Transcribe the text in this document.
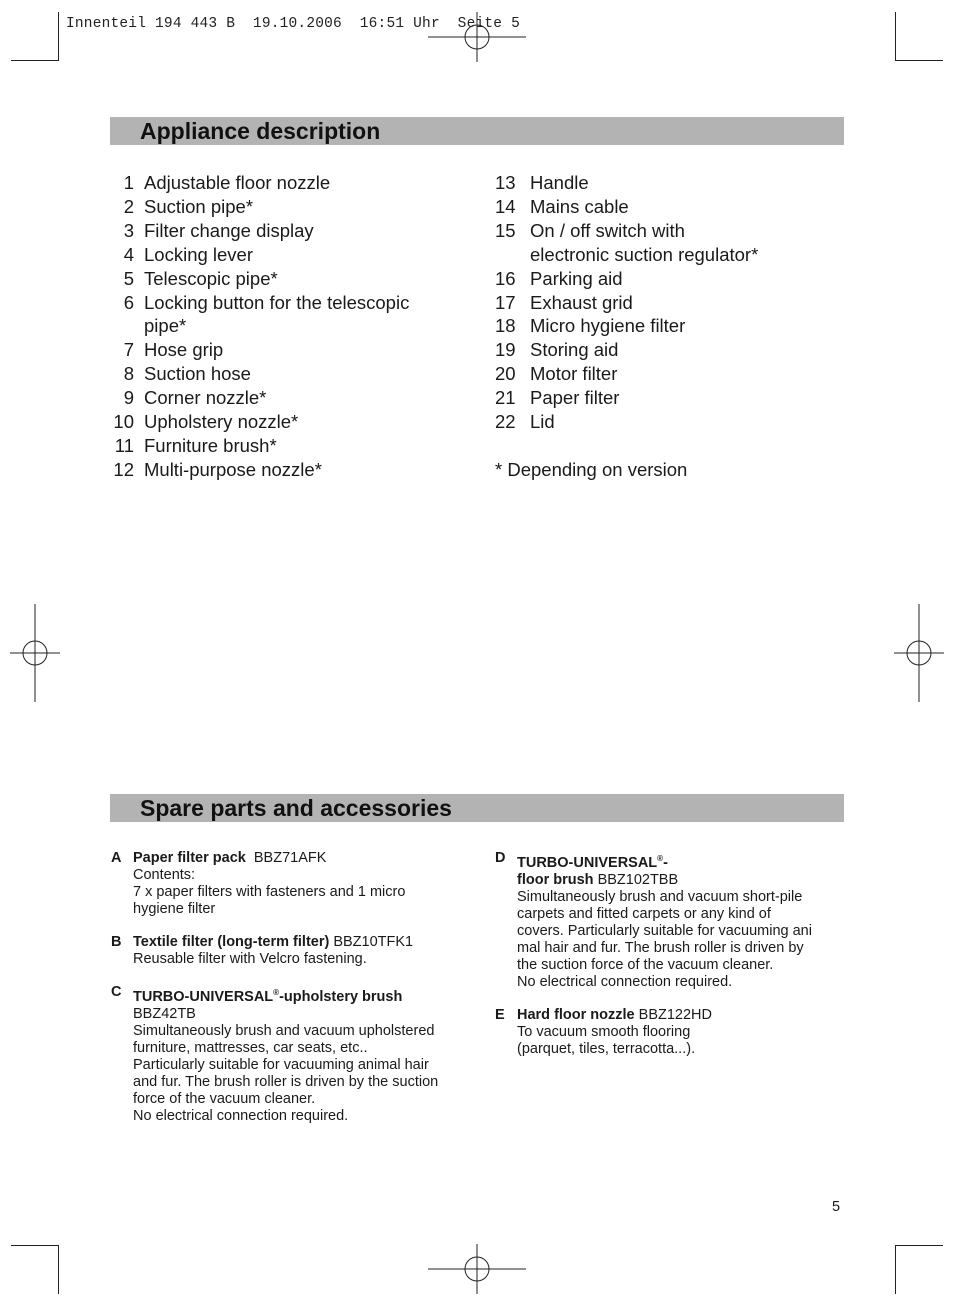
Innenteil 194 443 B  19.10.2006  16:51 Uhr  Seite 5
Appliance description
1 Adjustable floor nozzle
2 Suction pipe*
3 Filter change display
4 Locking lever
5 Telescopic pipe*
6 Locking button for the telescopic
pipe*
7 Hose grip
8 Suction hose
9 Corner nozzle*
10 Upholstery nozzle*
11 Furniture brush*
12 Multi-purpose nozzle*
13 Handle
14 Mains cable
15 On / off switch with
electronic suction regulator*
16 Parking aid
17 Exhaust grid
18 Micro hygiene filter
19 Storing aid
20 Motor filter
21 Paper filter
22 Lid
* Depending on version
Spare parts and accessories
A Paper filter pack BBZ71AFK
Contents:
7 x paper filters with fasteners and 1 micro
hygiene filter
B Textile filter (long-term filter) BBZ10TFK1
Reusable filter with Velcro fastening.
C TURBO-UNIVERSAL®-upholstery brush
BBZ42TB
Simultaneously brush and vacuum upholstered
furniture, mattresses, car seats, etc..
Particularly suitable for vacuuming animal hair
and fur. The brush roller is driven by the suction
force of the vacuum cleaner.
No electrical connection required.
D TURBO-UNIVERSAL®-
floor brush BBZ102TBB
Simultaneously brush and vacuum short-pile
carpets and fitted carpets or any kind of
covers. Particularly suitable for vacuuming ani
mal hair and fur. The brush roller is driven by
the suction force of the vacuum cleaner.
No electrical connection required.
E Hard floor nozzle BBZ122HD
To vacuum smooth flooring
(parquet, tiles, terracotta...).
5
